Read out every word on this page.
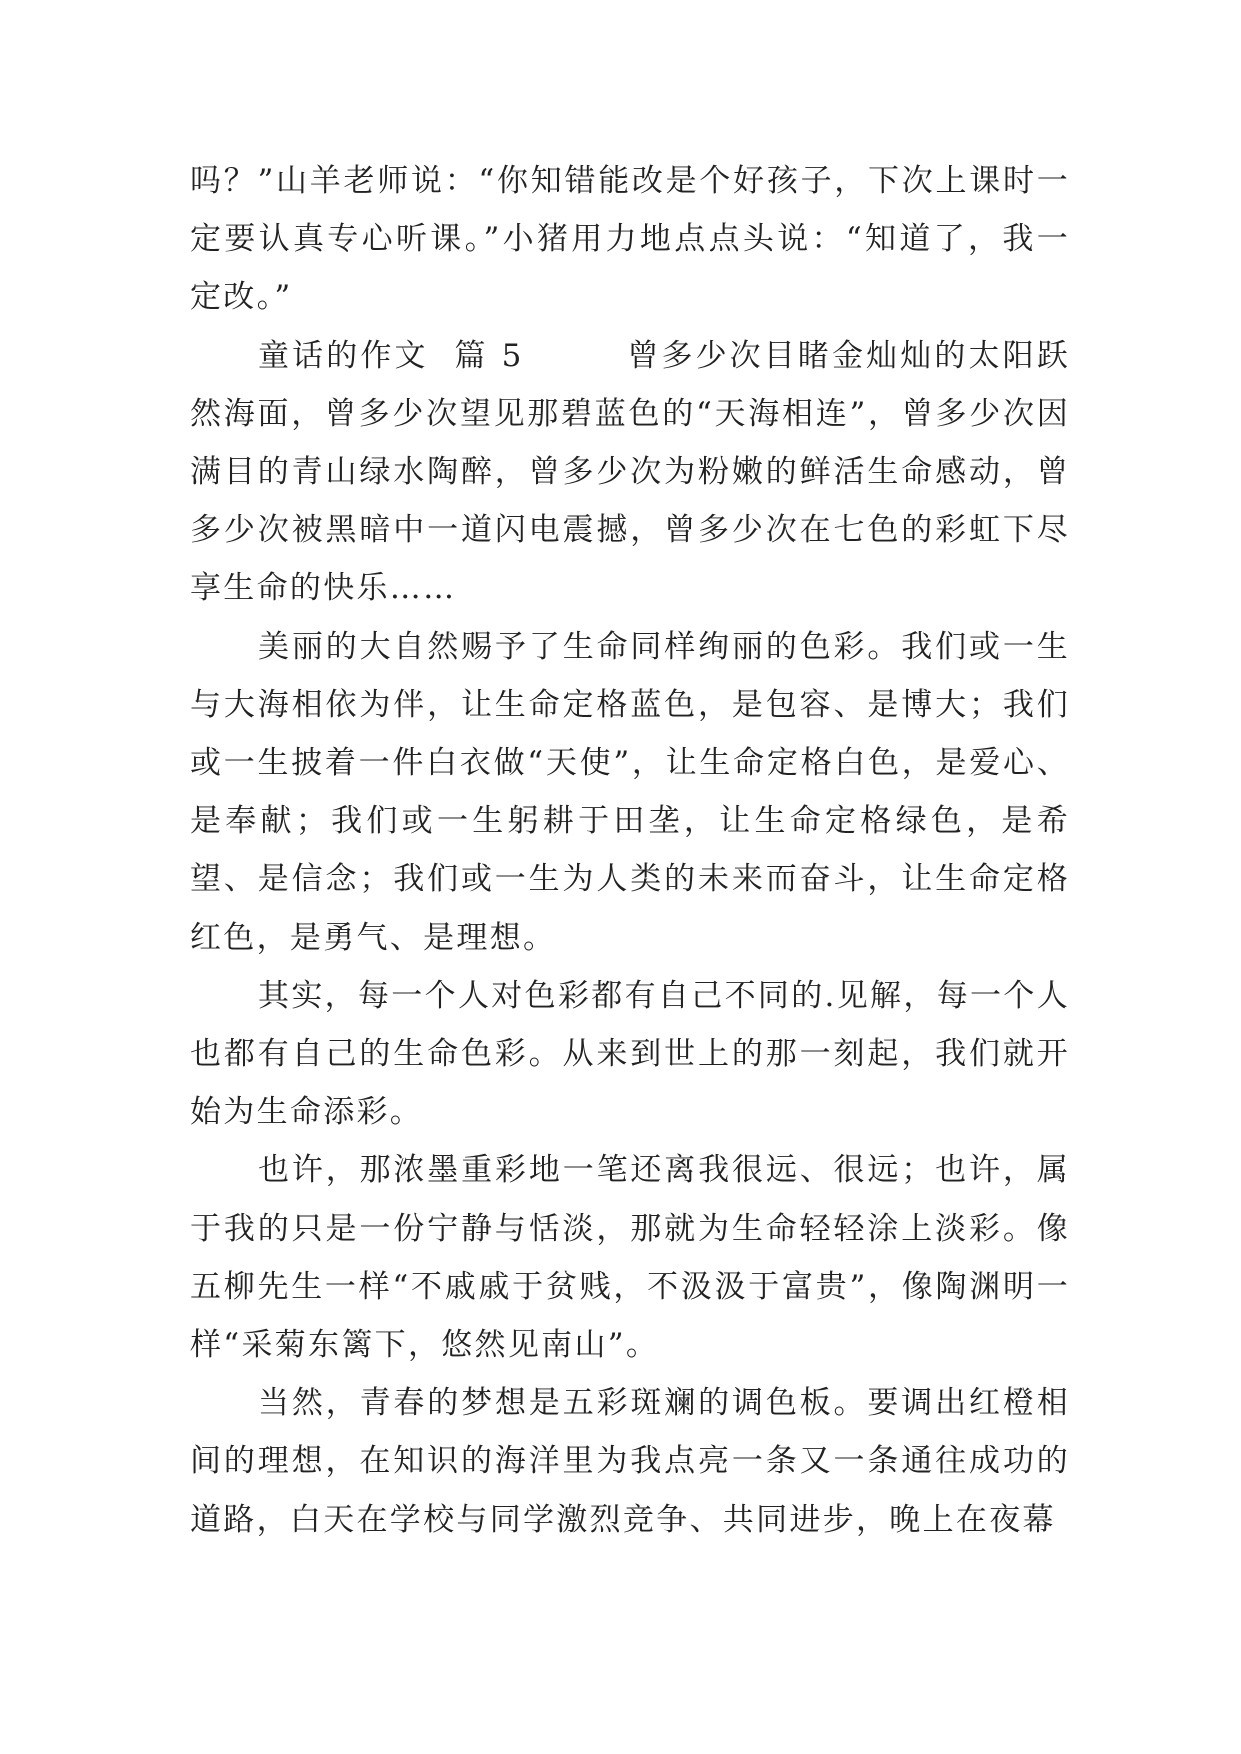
吗？”山羊老师说：“你知错能改是个好孩子，下次上课时一定要认真专心听课。”小猪用力地点点头说：“知道了，我一定改。”

童话的作文  篇 5        曾多少次目睹金灿灿的太阳跃然海面，曾多少次望见那碧蓝色的“天海相连”，曾多少次因满目的青山绿水陶醉，曾多少次为粉嫩的鲜活生命感动，曾多少次被黑暗中一道闪电震撼，曾多少次在七色的彩虹下尽享生命的快乐……

美丽的大自然赐予了生命同样绚丽的色彩。我们或一生与大海相依为伴，让生命定格蓝色，是包容、是博大；我们或一生披着一件白衣做“天使”，让生命定格白色，是爱心、是奉献；我们或一生躬耕于田垄，让生命定格绿色，是希望、是信念；我们或一生为人类的未来而奋斗，让生命定格红色，是勇气、是理想。

其实，每一个人对色彩都有自己不同的.见解，每一个人也都有自己的生命色彩。从来到世上的那一刻起，我们就开始为生命添彩。

也许，那浓墨重彩地一笔还离我很远、很远；也许，属于我的只是一份宁静与恬淡，那就为生命轻轻涂上淡彩。像五柳先生一样“不戚戚于贫贱，不汲汲于富贵”，像陶渊明一样“采菊东篱下，悠然见南山”。

当然，青春的梦想是五彩斑斓的调色板。要调出红橙相间的理想，在知识的海洋里为我点亮一条又一条通往成功的道路，白天在学校与同学激烈竞争、共同进步，晚上在夜幕
